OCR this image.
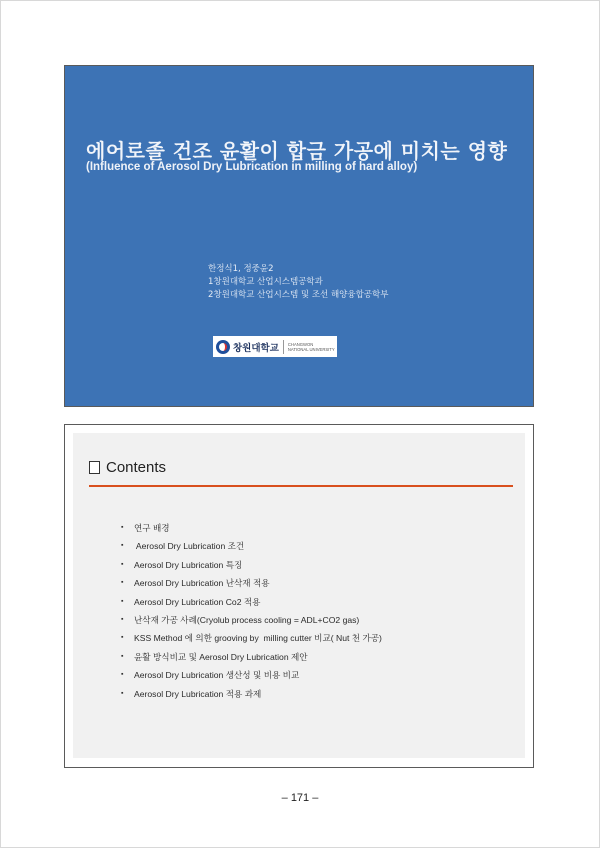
에어로졸 건조 윤활이 합금 가공에 미치는 영향
(Influence of Aerosol Dry Lubrication in milling of hard alloy)
한정식1, 정중윤2
1창원대학교 산업시스템공학과
2창원대학교 산업시스템 및 조선 해양융합공학부
창원대학교 CHANGWON
NATIONAL UNIVERSITY
Contents
▪ 연구 배경
▪ Aerosol Dry Lubrication 조건
▪ Aerosol Dry Lubrication 특징
▪ Aerosol Dry Lubrication 난삭재 적용
▪ Aerosol Dry Lubrication Co2 적용
▪ 난삭재 가공 사례(Cryolub process cooling = ADL+CO2 gas)
▪ KSS Method 에 의한 grooving by  milling cutter 비교( Nut 천 가공)
▪ 윤활 방식비교 및 Aerosol Dry Lubrication 제안
▪ Aerosol Dry Lubrication 생산성 및 비용 비교
▪ Aerosol Dry Lubrication 적용 과제
– 171 –
